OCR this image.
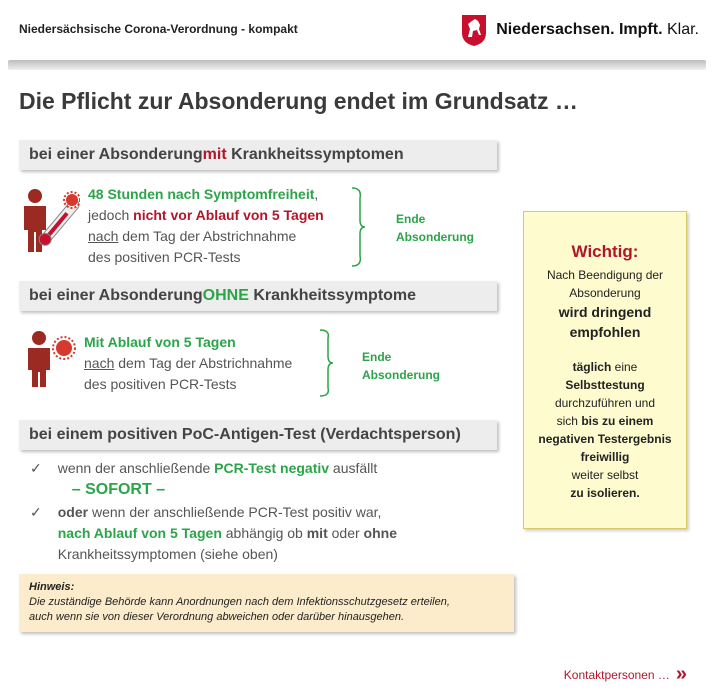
Niedersächsische Corona-Verordnung - kompakt	Niedersachsen. Impft. Klar.
Die Pflicht zur Absonderung endet im Grundsatz …
bei einer Absonderung mit Krankheitssymptomen
48 Stunden nach Symptomfreiheit,
jedoch nicht vor Ablauf von 5 Tagen
nach dem Tag der Abstrichnahme
des positiven PCR-Tests
Ende
Absonderung
bei einer Absonderung OHNE Krankheitssymptome
Mit Ablauf von 5 Tagen
nach dem Tag der Abstrichnahme
des positiven PCR-Tests
Ende
Absonderung
bei einem positiven PoC-Antigen-Test (Verdachtsperson)
✓ wenn der anschließende PCR-Test negativ ausfällt
– SOFORT –
✓ oder wenn der anschließende PCR-Test positiv war,
nach Ablauf von 5 Tagen abhängig ob mit oder ohne
Krankheitssymptomen (siehe oben)
Hinweis:
Die zuständige Behörde kann Anordnungen nach dem Infektionsschutzgesetz erteilen,
auch wenn sie von dieser Verordnung abweichen oder darüber hinausgehen.
Wichtig:
Nach Beendigung der
Absonderung
wird dringend
empfohlen
täglich eine
Selbsttestung
durchzuführen und
sich bis zu einem
negativen Testergebnis
freiwillig
weiter selbst
zu isolieren.
Kontaktpersonen … »
